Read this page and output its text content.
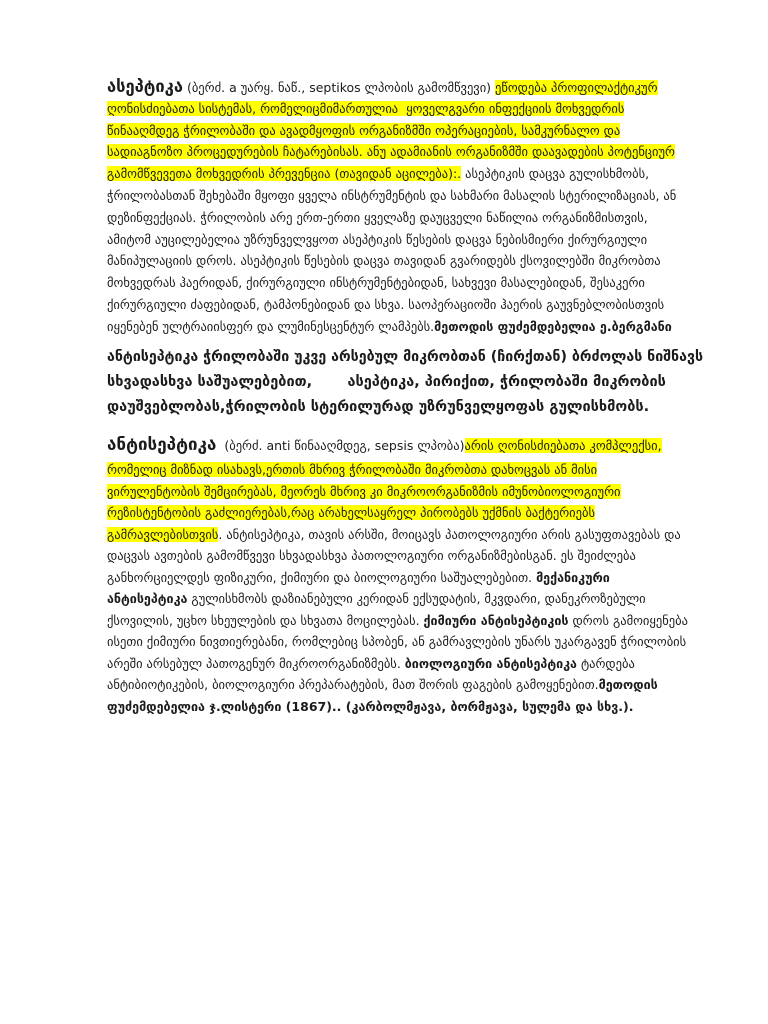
ასეპტიკა (ბერძ. a უარყ. ნაწ., septikos ლპობის გამომწვევი) ეწოდება პროფილაქტიკურ
ღონისძიებათა სისტემას, რომელიცმიმართულია  ყოველგვარი ინფექციის მოხვედრის
წინააღმდეგ ჭრილობაში და ავადმყოფის ორგანიზმში ოპერაციების, სამკურნალო და
სადიაგნოზო პროცედურების ჩატარებისას. ანუ ადამიანის ორგანიზმში დაავადების პოტენციურ
გამომწვევეთა მოხვედრის პრევენცია (თავიდან აცილება):. ასეპტიკის დაცვა გულისხმობს,
ჭრილობასთან შეხებაში მყოფი ყველა ინსტრუმენტის და სახმარი მასალის სტერილიზაციას, ან
დეზინფექციას. ჭრილობის არე ერთ-ერთი ყველაზე დაუცველი ნაწილია ორგანიზმისთვის,
ამიტომ აუცილებელია უზრუნველვყოთ ასეპტიკის წესების დაცვა ნებისმიერი ქირურგიული
მანიპულაციის დროს. ასეპტიკის წესების დაცვა თავიდან გვარიდებს ქსოვილებში მიკრობთა
მოხვედრას ჰაერიდან, ქირურგიული ინსტრუმენტებიდან, სახვევი მასალებიდან, შესაკერი
ქირურგიული ძაფებიდან, ტამპონებიდან და სხვა. საოპერაციოში ჰაერის გაუვნებლობისთვის
იყენებენ ულტრაიისფერ და ლუმინესცენტურ ლამპებს.მეთოდის ფუძემდებელია ე.ბერგმანი
ანტისეპტიკა ჭრილობაში უკვე არსებულ მიკრობთან (ჩირქთან) ბრძოლას ნიშნავს
სხვადასხვა საშუალებებით,       ასეპტიკა, პირიქით, ჭრილობაში მიკრობის
დაუშვებლობას,ჭრილობის სტერილურად უზრუნველყოფას გულისხმობს.
ანტისეპტიკა  (ბერძ. anti წინააღმდეგ, sepsis ლპობა)არის ღონისძიებათა კომპლექსი,
რომელიც მიზნად ისახავს,ერთის მხრივ ჭრილობაში მიკრობთა დახოცვას ან მისი
ვირულენტობის შემცირებას, მეორეს მხრივ კი მიკროორგანიზმის იმუნობიოლოგიური
რეზისტენტობის გაძლიერებას,რაც არახელსაყრელ პირობებს უქმნის ბაქტერიებს
გამრავლებისთვის. ანტისეპტიკა, თავის არსში, მოიცავს პათოლოგიური არის გასუფთავებას და
დაცვას ავთების გამომწვევი სხვადასხვა პათოლოგიური ორგანიზმებისგან. ეს შეიძლება
განხორციელდეს ფიზიკური, ქიმიური და ბიოლოგიური საშუალებებით. მექანიკური
ანტისეპტიკა გულისხმობს დაზიანებული კერიდან ექსუდატის, მკვდარი, დანეკროზებული
ქსოვილის, უცხო სხეულების და სხვათა მოცილებას. ქიმიური ანტისეპტიკის დროს გამოიყენება
ისეთი ქიმიური ნივთიერებანი, რომლებიც სპობენ, ან გამრავლების უნარს უკარგავენ ჭრილობის
არეში არსებულ პათოგენურ მიკროორგანიზმებს. ბიოლოგიური ანტისეპტიკა ტარდება
ანტიბიოტიკების, ბიოლოგიური პრეპარატების, მათ შორის ფაგების გამოყენებით.მეთოდის
ფუძემდებელია ჯ.ლისტერი (1867).. (კარბოლმჟავა, ბორმჟავა, სულემა და სხვ.).
